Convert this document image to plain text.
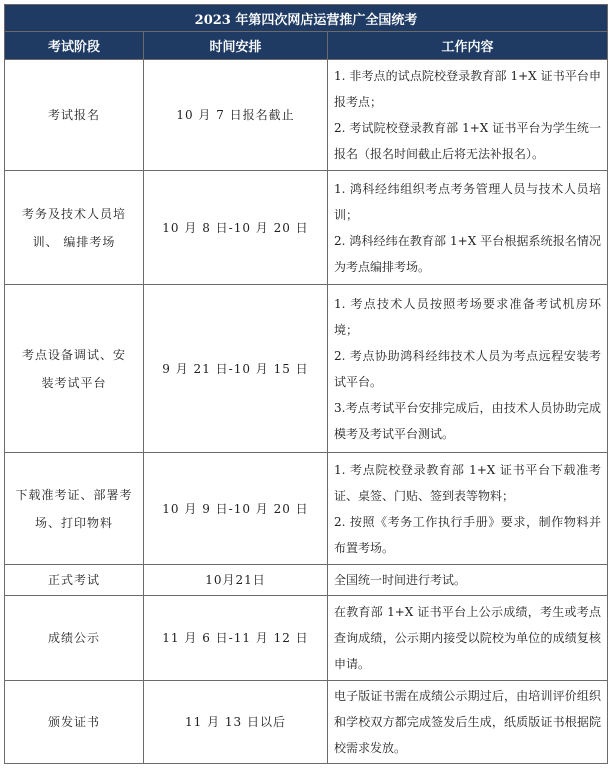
2023 年第四次网店运营推广全国统考		
考试阶段	时间安排	工作内容
考试报名	10 月 7 日报名截止	1. 非考点的试点院校登录教育部 1+X 证书平台申报考点；

2. 考试院校登录教育部 1+X 证书平台为学生统一报名（报名时间截止后将无法补报名）。

考务及技术人员培训、 编排考场	10 月 8 日-10 月 20 日	1. 鸿科经纬组织考点考务管理人员与技术人员培训；

2. 鸿科经纬在教育部 1+X 平台根据系统报名情况为考点编排考场。

考点设备调试、安装考试平台	9 月 21 日-10 月 15 日	1. 考点技术人员按照考场要求准备考试机房环境；

2. 考点协助鸿科经纬技术人员为考点远程安装考试平台。

3.考点考试平台安排完成后，由技术人员协助完成模考及考试平台测试。

下载准考证、部署考场、打印物料	10 月 9 日-10 月 20 日	1. 考点院校登录教育部 1+X 证书平台下载准考证、桌签、门贴、签到表等物料；

2. 按照《考务工作执行手册》要求，制作物料并布置考场。

正式考试	10月21日	全国统一时间进行考试。

成绩公示	11 月 6 日-11 月 12 日	在教育部 1+X 证书平台上公示成绩，考生或考点查询成绩，公示期内接受以院校为单位的成绩复核申请。

颁发证书	11 月 13 日以后	电子版证书需在成绩公示期过后，由培训评价组织和学校双方都完成签发后生成，纸质版证书根据院校需求发放。
